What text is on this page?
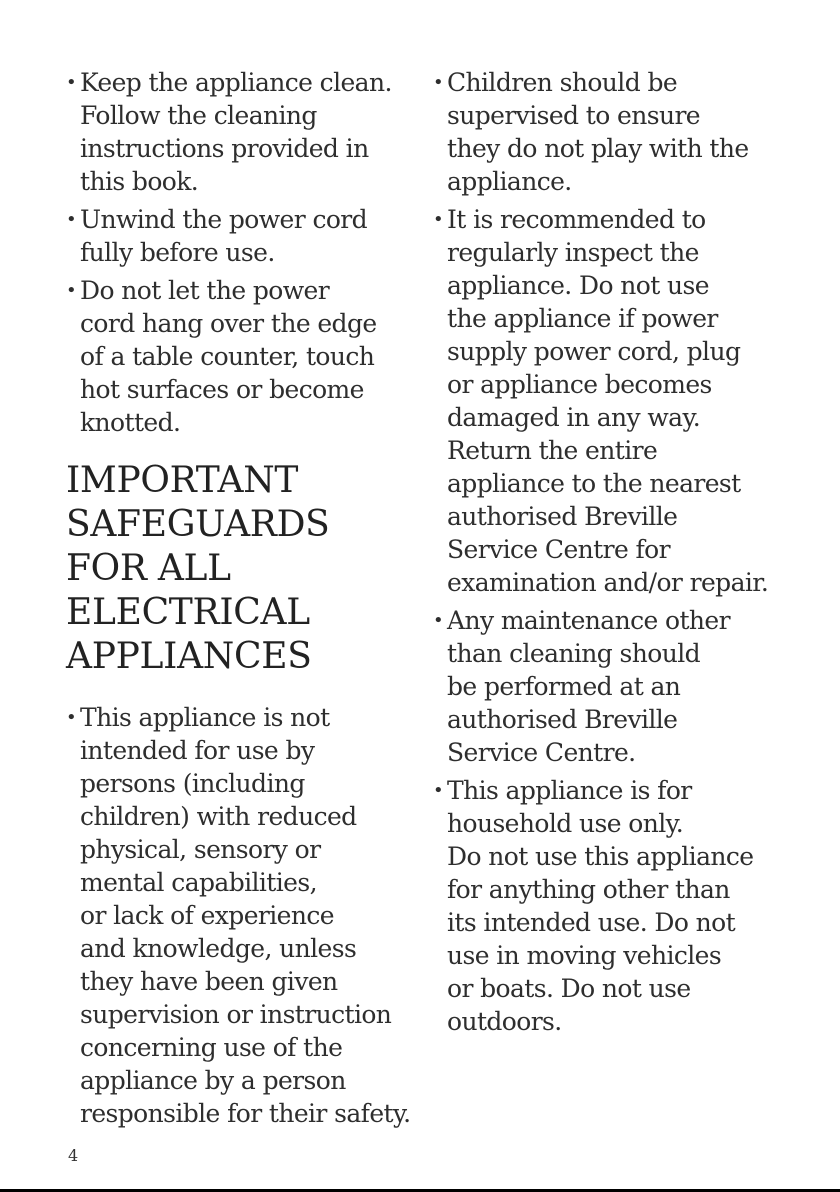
• Keep the appliance clean.
Follow the cleaning
instructions provided in
this book.
• Unwind the power cord
fully before use.
• Do not let the power
cord hang over the edge
of a table counter, touch
hot surfaces or become
knotted.
IMPORTANT
SAFEGUARDS
FOR ALL
ELECTRICAL
APPLIANCES
• This appliance is not
intended for use by
persons (including
children) with reduced
physical, sensory or
mental capabilities,
or lack of experience
and knowledge, unless
they have been given
supervision or instruction
concerning use of the
appliance by a person
responsible for their safety.
• Children should be
supervised to ensure
they do not play with the
appliance.
• It is recommended to
regularly inspect the
appliance. Do not use
the appliance if power
supply power cord, plug
or appliance becomes
damaged in any way.
Return the entire
appliance to the nearest
authorised Breville
Service Centre for
examination and/or repair.
• Any maintenance other
than cleaning should
be performed at an
authorised Breville
Service Centre.
• This appliance is for
household use only.
Do not use this appliance
for anything other than
its intended use. Do not
use in moving vehicles
or boats. Do not use
outdoors.
4
